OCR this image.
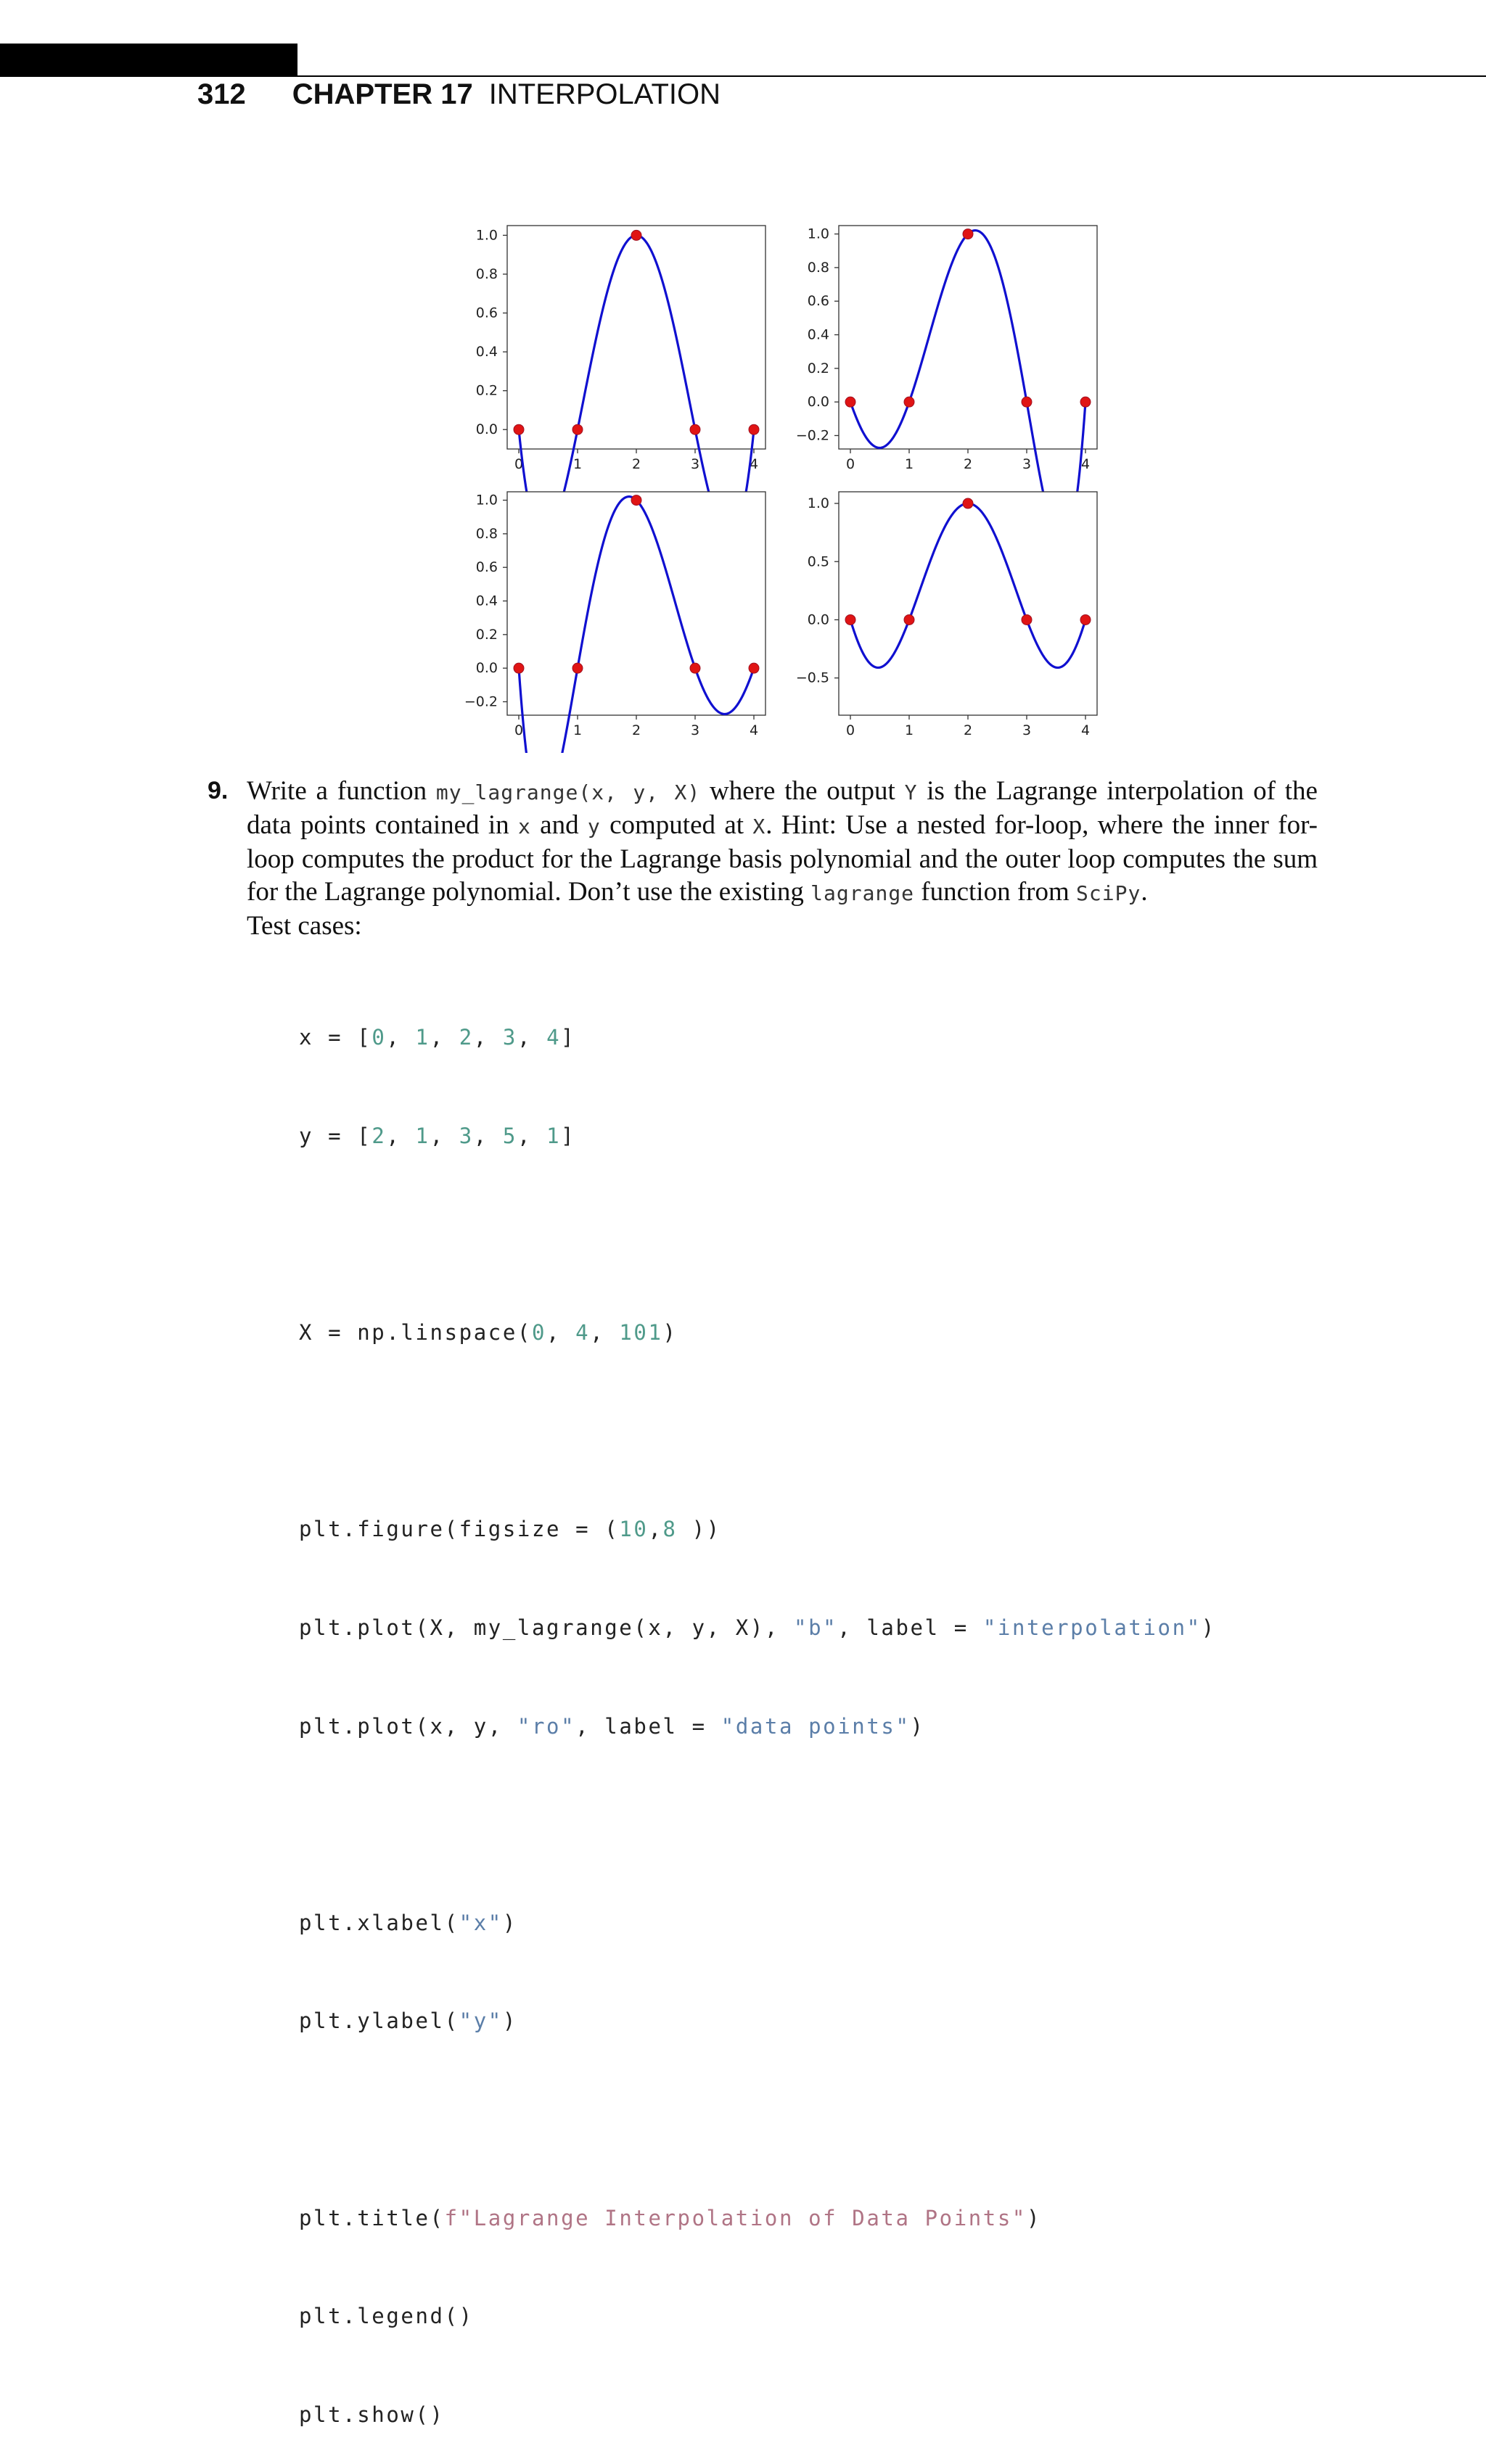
312 CHAPTER 17 INTERPOLATION
1.0
0.8
0.6
0.4
0.2
0.0
0	1	2	3	4
1.0
0.8
0.6
0.4
0.2
0.0
−0.2
0	1	2	3	4
1.0
0.8
0.6
0.4
0.2
0.0
−0.2
0	1	2	3	4
1.0
0.5
0.0
−0.5
0	1	2	3	4
9. Write a function my_lagrange(x, y, X) where the output Y is the Lagrange interpolation of the data points contained in x and y computed at X. Hint: Use a nested for-loop, where the inner for-loop computes the product for the Lagrange basis polynomial and the outer loop computes the sum for the Lagrange polynomial. Don’t use the existing lagrange function from SciPy.
Test cases:

x = [0, 1, 2, 3, 4]

y = [2, 1, 3, 5, 1]

X = np.linspace(0, 4, 101)

plt.figure(figsize = (10,8 ))

plt.plot(X, my_lagrange(x, y, X), "b", label = "interpolation")

plt.plot(x, y, "ro", label = "data points")

plt.xlabel("x")

plt.ylabel("y")

plt.title(f"Lagrange Interpolation of Data Points")

plt.legend()

plt.show()
